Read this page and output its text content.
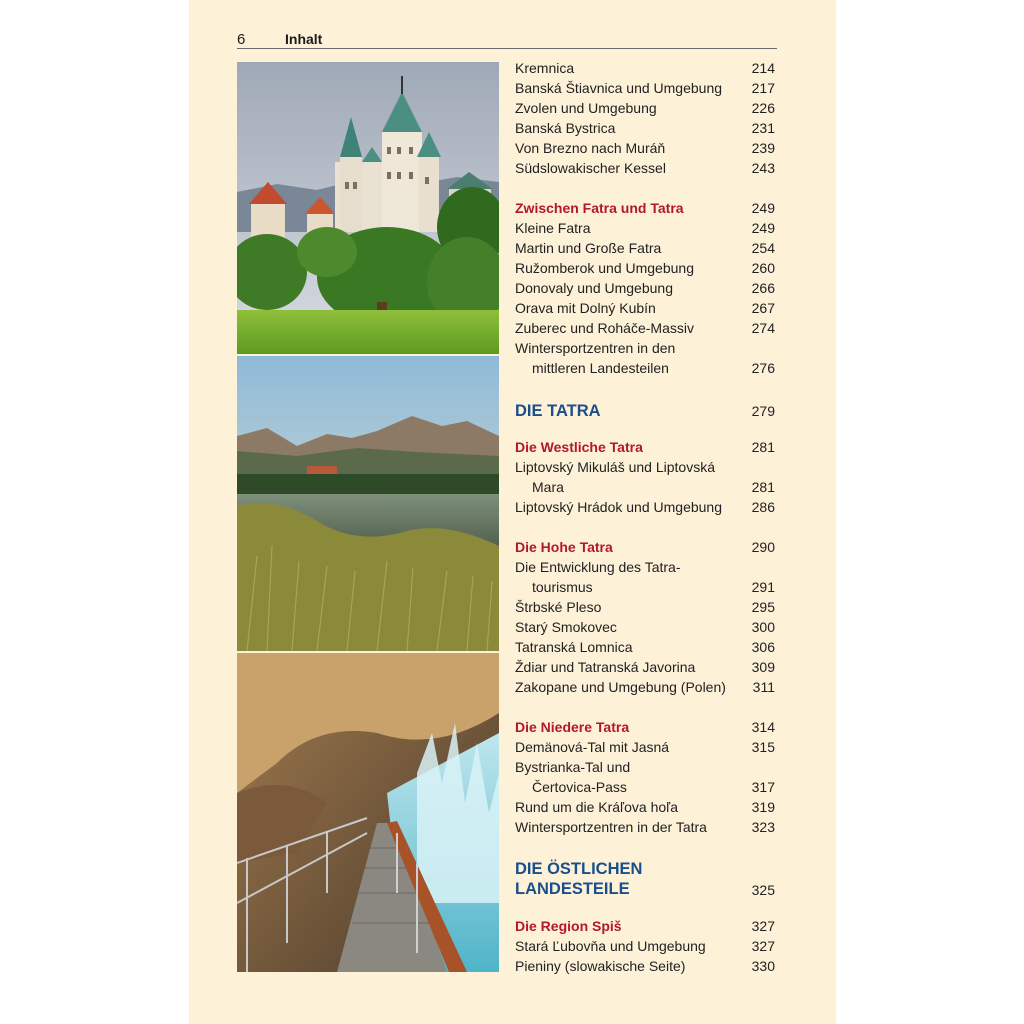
6	Inhalt
Kremnica	214
Banská Štiavnica und Umgebung 217
Zvolen und Umgebung	226
Banská Bystrica	231
Von Brezno nach Muráň	239
Südslowakischer Kessel	243
Zwischen Fatra und Tatra	249
Kleine Fatra	249
Martin und Große Fatra	254
Ružomberok und Umgebung	260
Donovaly und Umgebung	266
Orava mit Dolný Kubín	267
Zuberec und Roháče-Massiv	274
Wintersportzentren in den
mittleren Landesteilen	276
DIE TATRA	279
Die Westliche Tatra	281
Liptovský Mikuláš und Liptovská
Mara	281
Liptovský Hrádok und Umgebung 286
Die Hohe Tatra	290
Die Entwicklung des Tatra-
tourismus	291
Štrbské Pleso	295
Starý Smokovec	300
Tatranská Lomnica	306
Ždiar und Tatranská Javorina	309
Zakopane und Umgebung (Polen) 311
Die Niedere Tatra	314
Demänová-Tal mit Jasná	315
Bystrianka-Tal und
Čertovica-Pass	317
Rund um die Kráľova hoľa	319
Wintersportzentren in der Tatra	323
DIE ÖSTLICHEN
LANDESTEILE	325
Die Region Spiš	327
Stará Ľubovňa und Umgebung	327
Pieniny (slowakische Seite)	330
